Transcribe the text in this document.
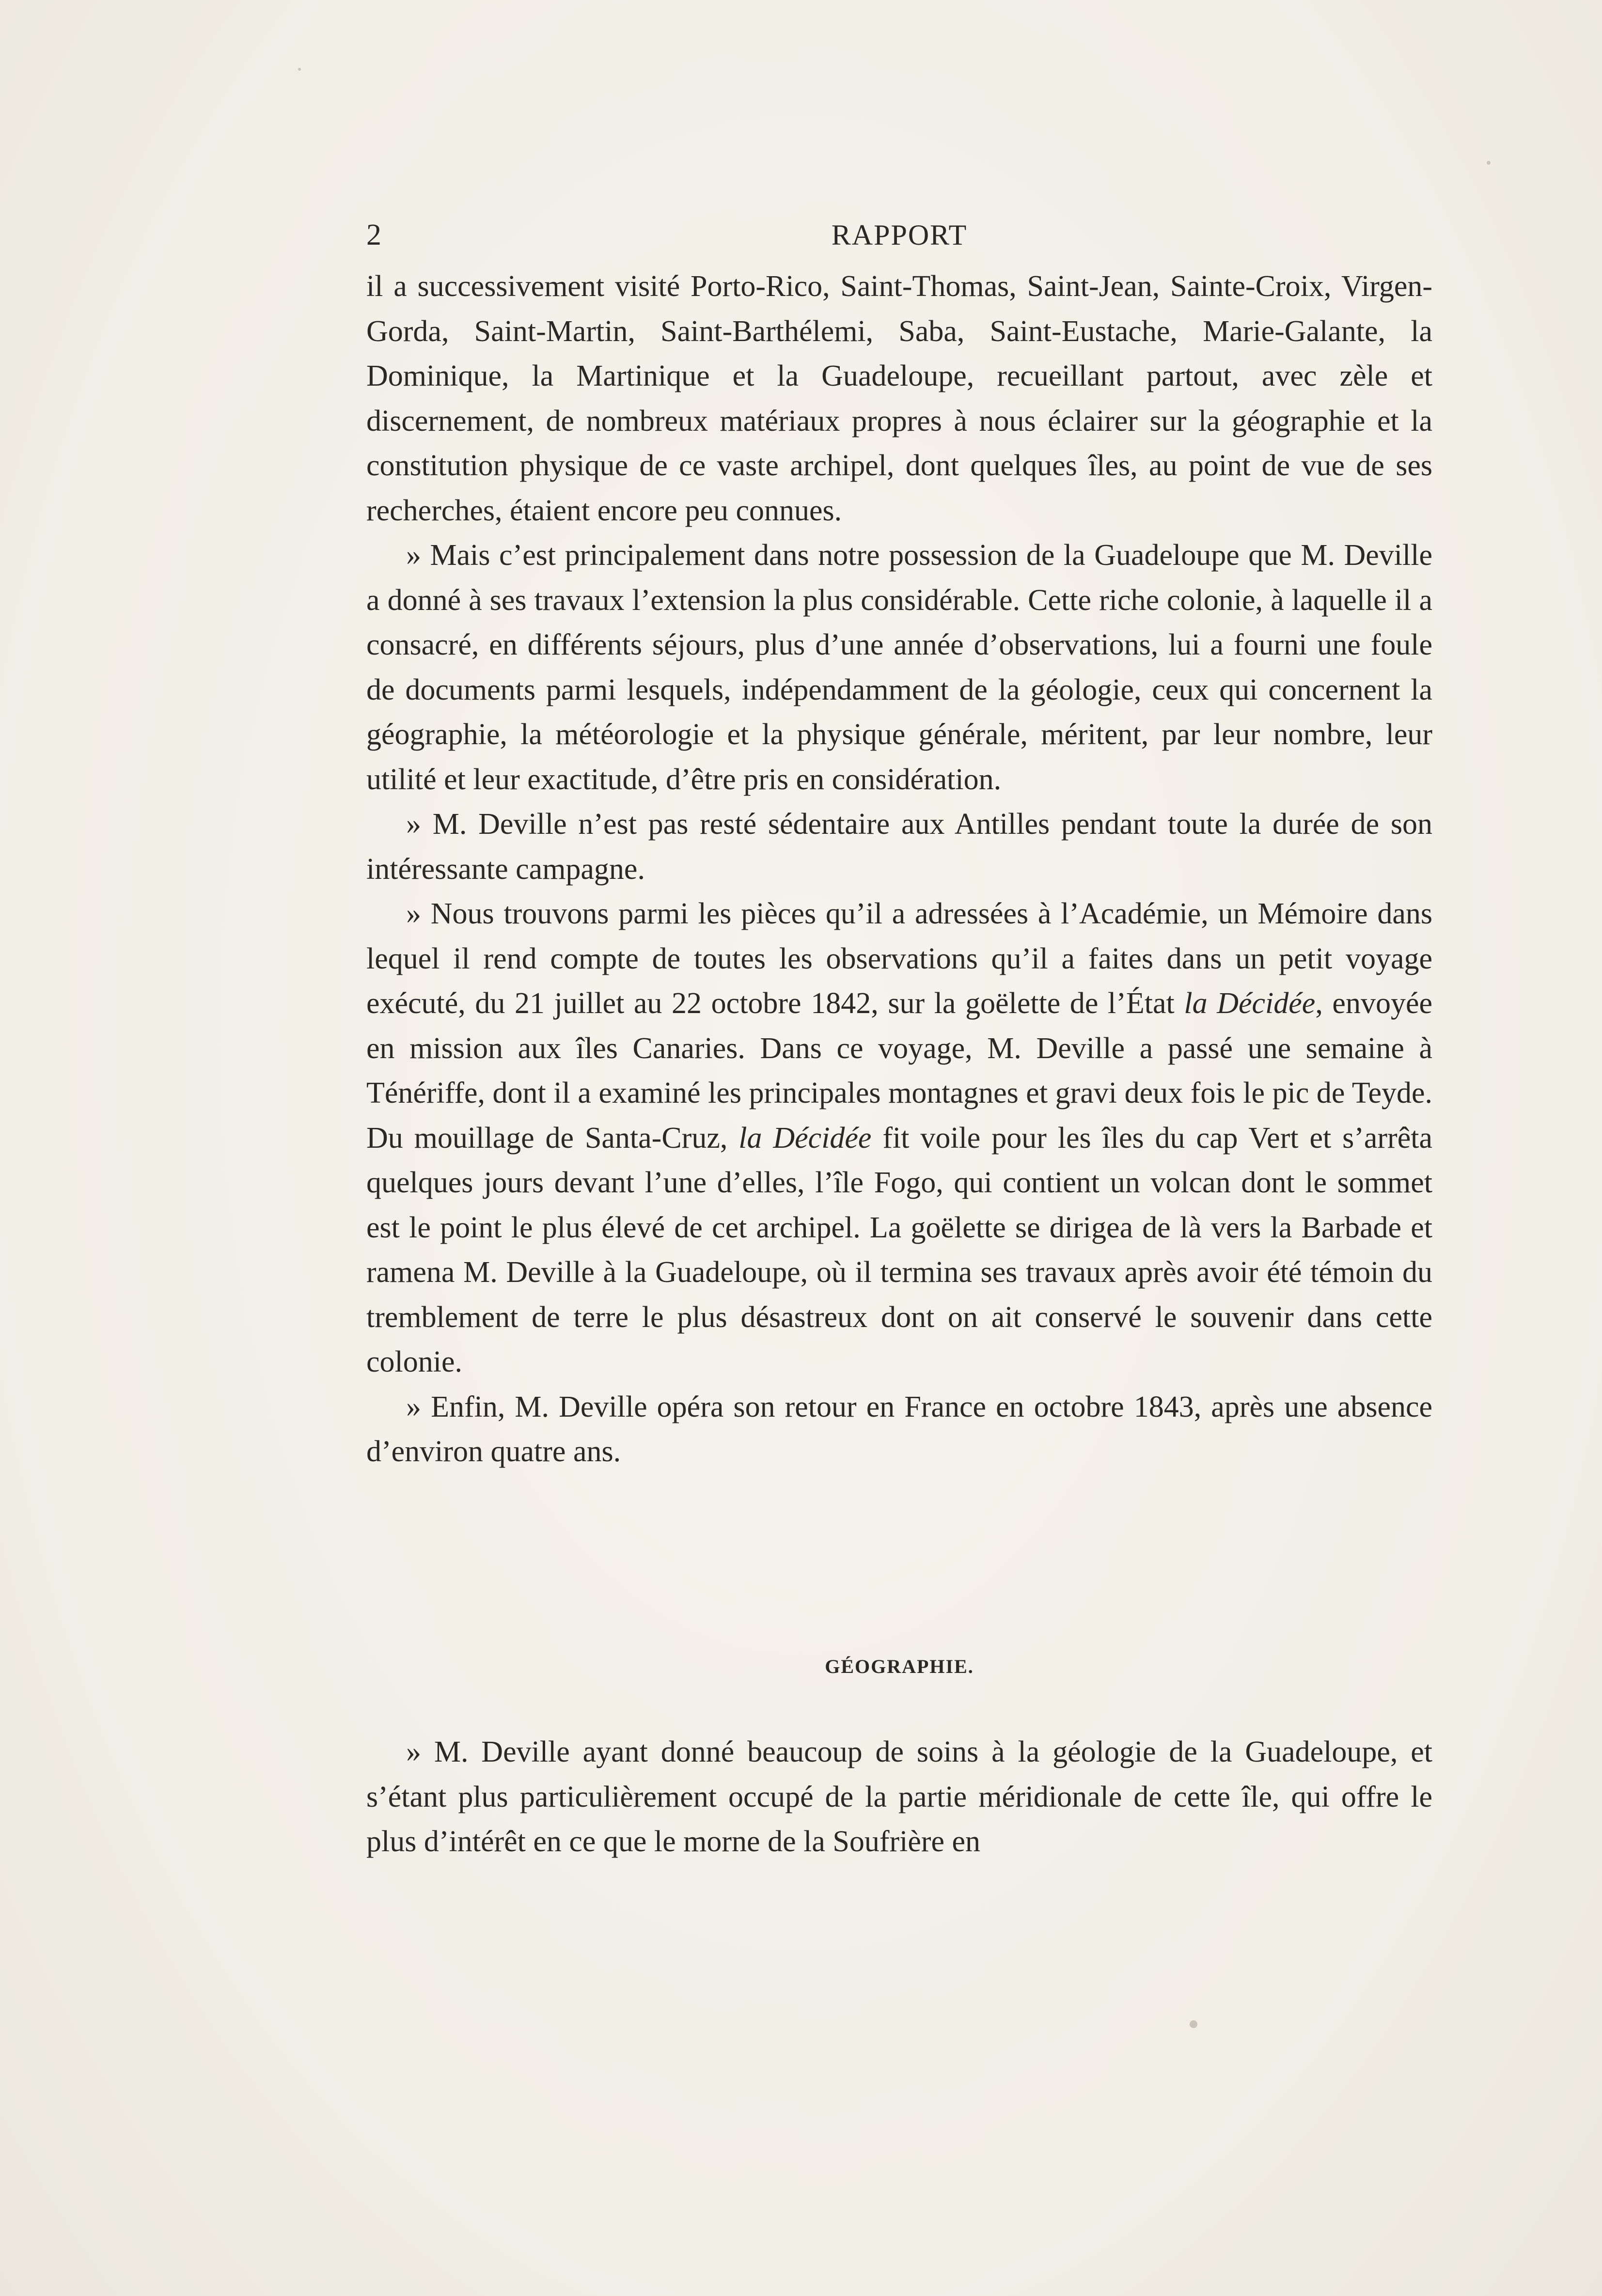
2	RAPPORT

il a successivement visité Porto-Rico, Saint-Thomas, Saint-Jean, Sainte-Croix, Virgen-Gorda, Saint-Martin, Saint-Barthélemi, Saba, Saint-Eustache, Marie-Galante, la Dominique, la Martinique et la Guadeloupe, recueillant partout, avec zèle et discernement, de nombreux matériaux propres à nous éclairer sur la géographie et la constitution physique de ce vaste archipel, dont quelques îles, au point de vue de ses recherches, étaient encore peu connues.

» Mais c’est principalement dans notre possession de la Guadeloupe que M. Deville a donné à ses travaux l’extension la plus considérable. Cette riche colonie, à laquelle il a consacré, en différents séjours, plus d’une année d’observations, lui a fourni une foule de documents parmi lesquels, indépendamment de la géologie, ceux qui concernent la géographie, la météorologie et la physique générale, méritent, par leur nombre, leur utilité et leur exactitude, d’être pris en considération.

» M. Deville n’est pas resté sédentaire aux Antilles pendant toute la durée de son intéressante campagne.

» Nous trouvons parmi les pièces qu’il a adressées à l’Académie, un Mémoire dans lequel il rend compte de toutes les observations qu’il a faites dans un petit voyage exécuté, du 21 juillet au 22 octobre 1842, sur la goëlette de l’État la Décidée, envoyée en mission aux îles Canaries. Dans ce voyage, M. Deville a passé une semaine à Ténériffe, dont il a examiné les principales montagnes et gravi deux fois le pic de Teyde. Du mouillage de Santa-Cruz, la Décidée fit voile pour les îles du cap Vert et s’arrêta quelques jours devant l’une d’elles, l’île Fogo, qui contient un volcan dont le sommet est le point le plus élevé de cet archipel. La goëlette se dirigea de là vers la Barbade et ramena M. Deville à la Guadeloupe, où il termina ses travaux après avoir été témoin du tremblement de terre le plus désastreux dont on ait conservé le souvenir dans cette colonie.

» Enfin, M. Deville opéra son retour en France en octobre 1843, après une absence d’environ quatre ans.

GÉOGRAPHIE.

» M. Deville ayant donné beaucoup de soins à la géologie de la Guadeloupe, et s’étant plus particulièrement occupé de la partie méridionale de cette île, qui offre le plus d’intérêt en ce que le morne de la Soufrière en
